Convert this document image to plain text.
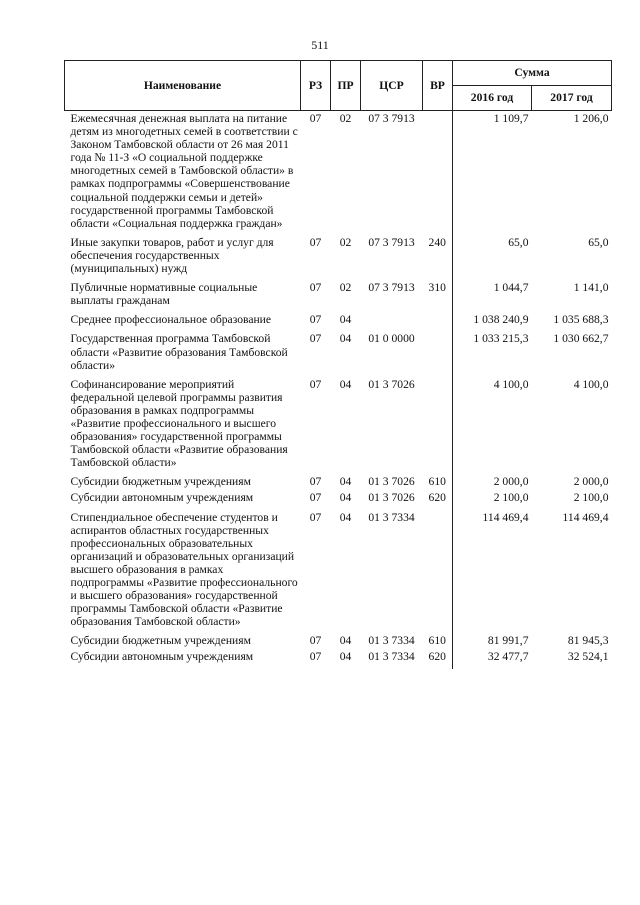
511
Наименование	РЗ	ПР	ЦСР	ВР	Сумма	
					2016 год	2017 год
Ежемесячная денежная выплата на питание детям из многодетных семей в соответствии с Законом Тамбовской области от 26 мая 2011 года № 11-З «О социальной поддержке многодетных семей в Тамбовской области» в рамках подпрограммы «Совершенствование социальной поддержки семьи и детей» государственной программы Тамбовской области «Социальная поддержка граждан»	07	02	07 3 7913		1 109,7	1 206,0
Иные закупки товаров, работ и услуг для обеспечения государственных (муниципальных) нужд	07	02	07 3 7913	240	65,0	65,0
Публичные нормативные социальные выплаты гражданам	07	02	07 3 7913	310	1 044,7	1 141,0
Среднее профессиональное образование	07	04			1 038 240,9	1 035 688,3
Государственная программа Тамбовской области «Развитие образования Тамбовской области»	07	04	01 0 0000		1 033 215,3	1 030 662,7
Софинансирование мероприятий федеральной целевой программы развития образования в рамках подпрограммы «Развитие профессионального и высшего образования» государственной программы Тамбовской области «Развитие образования Тамбовской области»	07	04	01 3 7026		4 100,0	4 100,0
Субсидии бюджетным учреждениям	07	04	01 3 7026	610	2 000,0	2 000,0
Субсидии автономным учреждениям	07	04	01 3 7026	620	2 100,0	2 100,0
Стипендиальное обеспечение студентов и аспирантов областных государственных профессиональных образовательных организаций и образовательных организаций высшего образования в рамках подпрограммы «Развитие профессионального и высшего образования» государственной программы Тамбовской области «Развитие образования Тамбовской области»	07	04	01 3 7334		114 469,4	114 469,4
Субсидии бюджетным учреждениям	07	04	01 3 7334	610	81 991,7	81 945,3
Субсидии автономным учреждениям	07	04	01 3 7334	620	32 477,7	32 524,1
